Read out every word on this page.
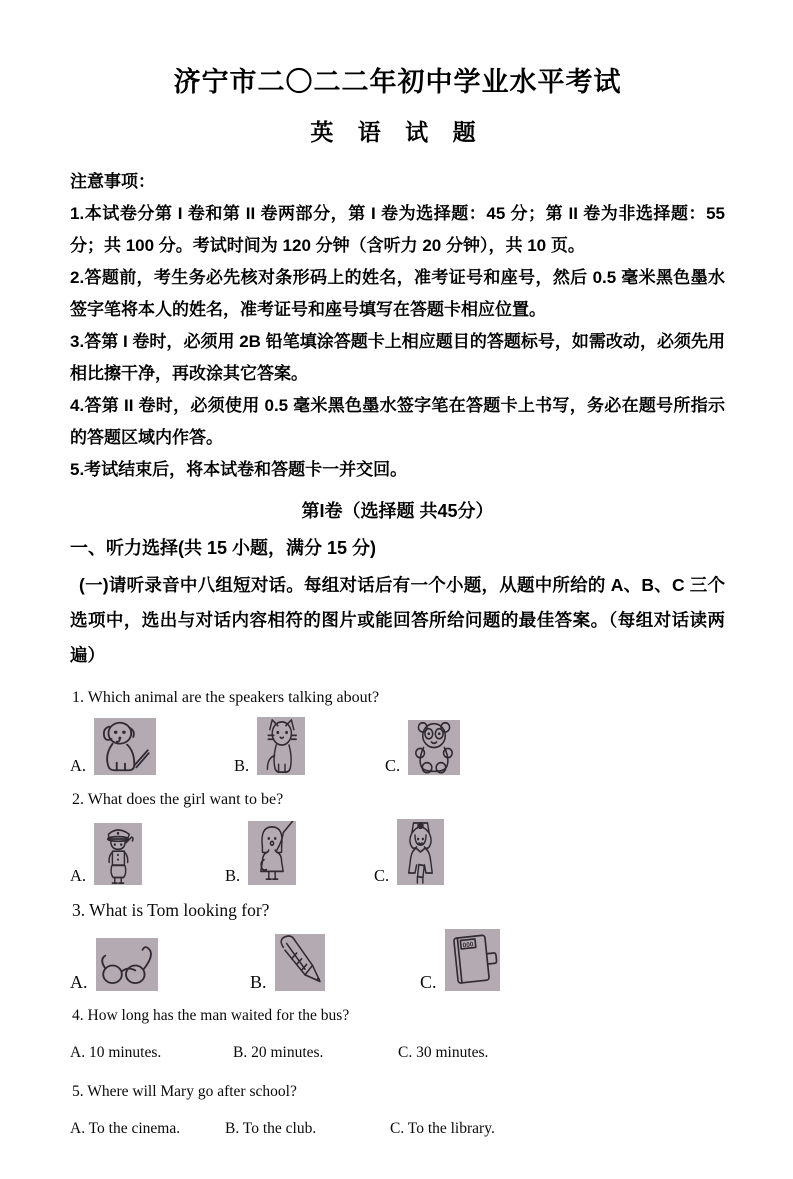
济宁市二〇二二年初中学业水平考试
英 语 试 题
注意事项：

1.本试卷分第 I 卷和第 II 卷两部分，第 I 卷为选择题：45 分；第 II 卷为非选择题：55 分；共 100 分。考试时间为 120 分钟（含听力 20 分钟），共 10 页。

2.答题前，考生务必先核对条形码上的姓名，准考证号和座号，然后 0.5 毫米黑色墨水签字笔将本人的姓名，准考证号和座号填写在答题卡相应位置。

3.答第 I 卷时，必须用 2B 铅笔填涂答题卡上相应题目的答题标号，如需改动，必须先用相比擦干净，再改涂其它答案。

4.答第 II 卷时，必须使用 0.5 毫米黑色墨水签字笔在答题卡上书写，务必在题号所指示的答题区域内作答。

5.考试结束后，将本试卷和答题卡一并交回。

第I卷（选择题 共45分）
一、听力选择(共 15 小题，满分 15 分)

(一)请听录音中八组短对话。每组对话后有一个小题，从题中所给的 A、B、C 三个选项中，选出与对话内容相符的图片或能回答所给问题的最佳答案。（每组对话读两遍）

1. Which animal are the speakers talking about?
A.	B.	C.
2. What does the girl want to be?
A.	B.	C.
3. What is Tom looking for?
A.	B.	C.
000
4. How long has the man waited for the bus?
A. 10 minutes.	B. 20 minutes.	C. 30 minutes.
5. Where will Mary go after school?
A. To the cinema.	B. To the club.	C. To the library.
